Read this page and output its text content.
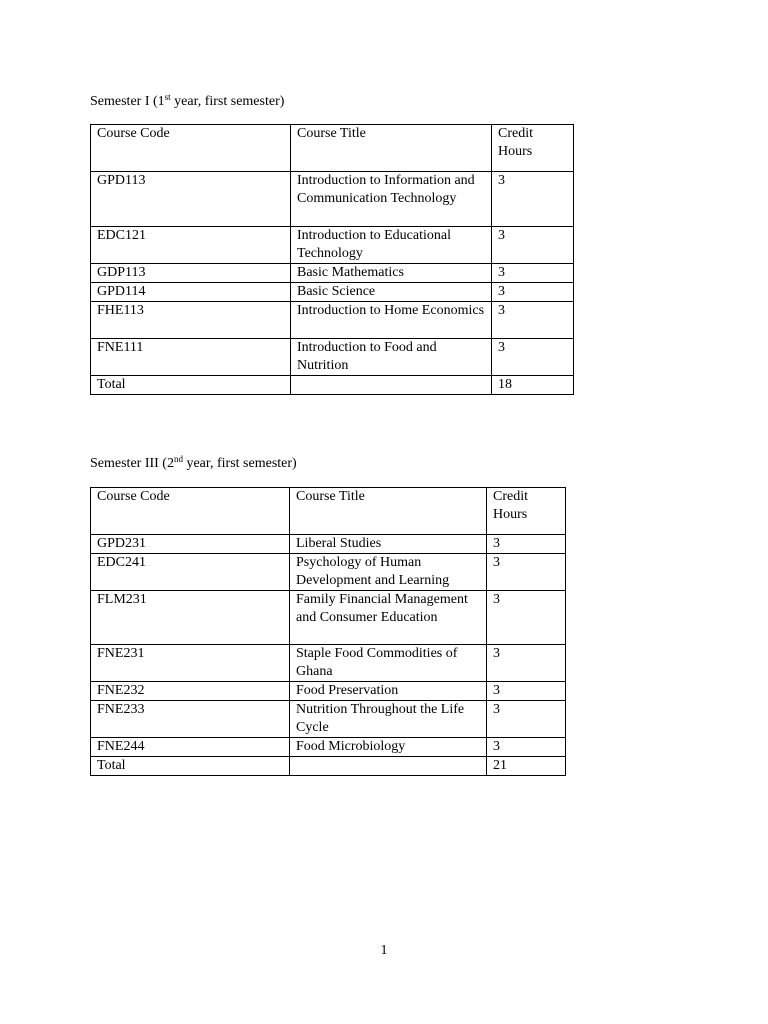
Semester I (1st year, first semester)

Course Code	Course Title	Credit Hours
GPD113	Introduction to Information and Communication Technology	3
EDC121	Introduction to Educational Technology	3
GDP113	Basic Mathematics	3
GPD114	Basic Science	3
FHE113	Introduction to Home Economics	3
FNE111	Introduction to Food and Nutrition	3
Total		18

Semester III (2nd year, first semester)

Course Code	Course Title	Credit Hours
GPD231	Liberal Studies	3
EDC241	Psychology of Human Development and Learning	3
FLM231	Family Financial Management and Consumer Education	3
FNE231	Staple Food Commodities of Ghana	3
FNE232	Food Preservation	3
FNE233	Nutrition Throughout the Life Cycle	3
FNE244	Food Microbiology	3
Total		21
1
